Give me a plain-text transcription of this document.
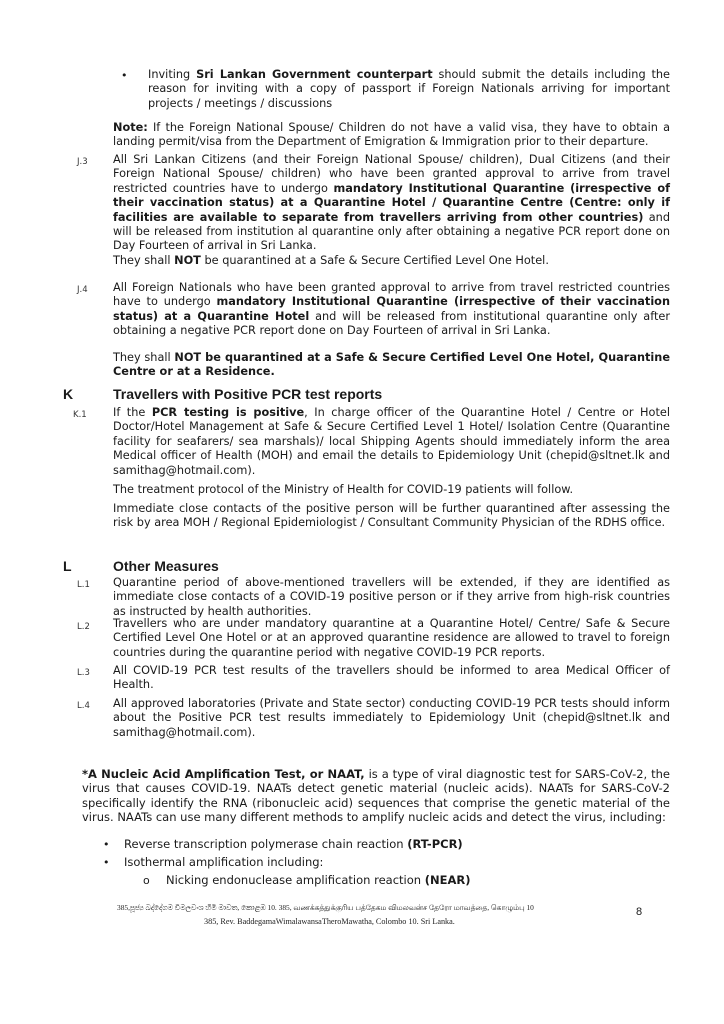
• Inviting Sri Lankan Government counterpart should submit the details including the reason for inviting with a copy of passport if Foreign Nationals arriving for important projects / meetings / discussions

Note: If the Foreign National Spouse/ Children do not have a valid visa, they have to obtain a landing permit/visa from the Department of Emigration & Immigration prior to their departure.

J.3 All Sri Lankan Citizens (and their Foreign National Spouse/ children), Dual Citizens (and their Foreign National Spouse/ children) who have been granted approval to arrive from travel restricted countries have to undergo mandatory Institutional Quarantine (irrespective of their vaccination status) at a Quarantine Hotel / Quarantine Centre (Centre: only if facilities are available to separate from travellers arriving from other countries) and will be released from institution al quarantine only after obtaining a negative PCR report done on Day Fourteen of arrival in Sri Lanka.

They shall NOT be quarantined at a Safe & Secure Certified Level One Hotel.

J.4 All Foreign Nationals who have been granted approval to arrive from travel restricted countries have to undergo mandatory Institutional Quarantine (irrespective of their vaccination status) at a Quarantine Hotel and will be released from institutional quarantine only after obtaining a negative PCR report done on Day Fourteen of arrival in Sri Lanka.

They shall NOT be quarantined at a Safe & Secure Certified Level One Hotel, Quarantine Centre or at a Residence.

K	Travellers with Positive PCR test reports
K.1 If the PCR testing is positive, In charge officer of the Quarantine Hotel / Centre or Hotel Doctor/Hotel Management at Safe & Secure Certified Level 1 Hotel/ Isolation Centre (Quarantine facility for seafarers/ sea marshals)/ local Shipping Agents should immediately inform the area Medical officer of Health (MOH) and email the details to Epidemiology Unit (chepid@sltnet.lk and samithag@hotmail.com).

The treatment protocol of the Ministry of Health for COVID-19 patients will follow.

Immediate close contacts of the positive person will be further quarantined after assessing the risk by area MOH / Regional Epidemiologist / Consultant Community Physician of the RDHS office.

L	Other Measures
L.1 Quarantine period of above-mentioned travellers will be extended, if they are identified as immediate close contacts of a COVID-19 positive person or if they arrive from high-risk countries as instructed by health authorities.

L.2 Travellers who are under mandatory quarantine at a Quarantine Hotel/ Centre/ Safe & Secure Certified Level One Hotel or at an approved quarantine residence are allowed to travel to foreign countries during the quarantine period with negative COVID-19 PCR reports.

L.3 All COVID-19 PCR test results of the travellers should be informed to area Medical Officer of Health.

L.4 All approved laboratories (Private and State sector) conducting COVID-19 PCR tests should inform about the Positive PCR test results immediately to Epidemiology Unit (chepid@sltnet.lk and samithag@hotmail.com).

*A Nucleic Acid Amplification Test, or NAAT, is a type of viral diagnostic test for SARS-CoV-2, the virus that causes COVID-19. NAATs detect genetic material (nucleic acids). NAATs for SARS-CoV-2 specifically identify the RNA (ribonucleic acid) sequences that comprise the genetic material of the virus. NAATs can use many different methods to amplify nucleic acids and detect the virus, including:

• Reverse transcription polymerase chain reaction (RT-PCR)

• Isothermal amplification including:

o Nicking endonuclease amplification reaction (NEAR)

385,පූජ්‍ය බද්දේගම විමලවංශ හිමි මාවත, කොළඹ 10. 385, வணக்கத்துக்குரிய பத்தேகம விமலவன்ச தேரோ மாவத்தை, கொழும்பு 10
385, Rev. BaddegamaWimalawansaTheroMawatha, Colombo 10. Sri Lanka.
8
